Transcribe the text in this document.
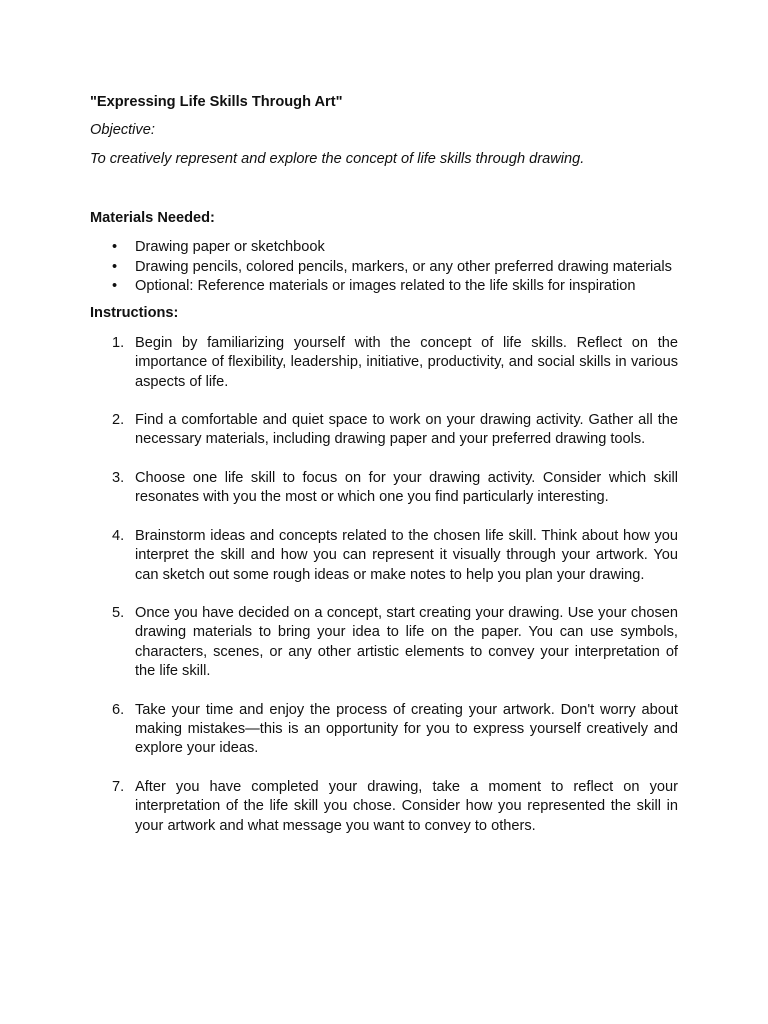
"Expressing Life Skills Through Art"

Objective:

To creatively represent and explore the concept of life skills through drawing.

Materials Needed:

• Drawing paper or sketchbook
• Drawing pencils, colored pencils, markers, or any other preferred drawing materials
• Optional: Reference materials or images related to the life skills for inspiration

Instructions:

1. Begin by familiarizing yourself with the concept of life skills. Reflect on the importance of flexibility, leadership, initiative, productivity, and social skills in various aspects of life.
2. Find a comfortable and quiet space to work on your drawing activity. Gather all the necessary materials, including drawing paper and your preferred drawing tools.
3. Choose one life skill to focus on for your drawing activity. Consider which skill resonates with you the most or which one you find particularly interesting.
4. Brainstorm ideas and concepts related to the chosen life skill. Think about how you interpret the skill and how you can represent it visually through your artwork. You can sketch out some rough ideas or make notes to help you plan your drawing.
5. Once you have decided on a concept, start creating your drawing. Use your chosen drawing materials to bring your idea to life on the paper. You can use symbols, characters, scenes, or any other artistic elements to convey your interpretation of the life skill.
6. Take your time and enjoy the process of creating your artwork. Don't worry about making mistakes—this is an opportunity for you to express yourself creatively and explore your ideas.
7. After you have completed your drawing, take a moment to reflect on your interpretation of the life skill you chose. Consider how you represented the skill in your artwork and what message you want to convey to others.
